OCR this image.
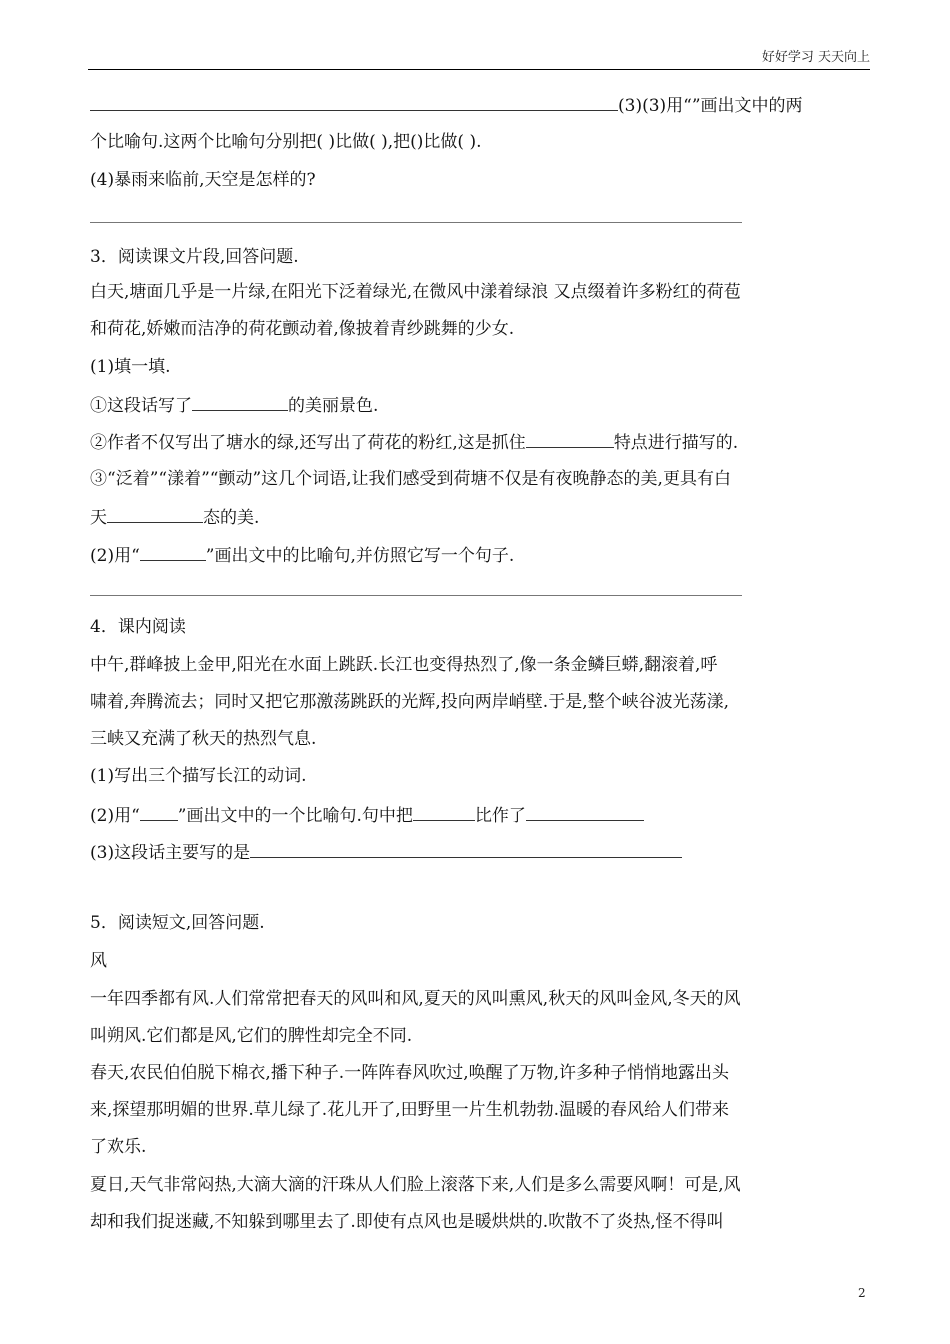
好好学习 天天向上
(3)(3)用“”画出文中的两
个比喻句.这两个比喻句分别把( )比做( ),把()比做( ).
(4)暴雨来临前,天空是怎样的?
3．阅读课文片段,回答问题.
白天,塘面几乎是一片绿,在阳光下泛着绿光,在微风中漾着绿浪 又点缀着许多粉红的荷苞
和荷花,娇嫩而洁净的荷花颤动着,像披着青纱跳舞的少女.
(1)填一填.
①这段话写了	的美丽景色.
②作者不仅写出了塘水的绿,还写出了荷花的粉红,这是抓住	特点进行描写的.
③“泛着”“漾着”“颤动”这几个词语,让我们感受到荷塘不仅是有夜晚静态的美,更具有白
天	态的美.
(2)用“	”画出文中的比喻句,并仿照它写一个句子.
4．课内阅读
中午,群峰披上金甲,阳光在水面上跳跃.长江也变得热烈了,像一条金鳞巨蟒,翻滚着,呼
啸着,奔腾流去；同时又把它那激荡跳跃的光辉,投向两岸峭壁.于是,整个峡谷波光荡漾,
三峡又充满了秋天的热烈气息.
(1)写出三个描写长江的动词.
(2)用“ ”画出文中的一个比喻句.句中把	比作了
(3)这段话主要写的是
5．阅读短文,回答问题.
风
一年四季都有风.人们常常把春天的风叫和风,夏天的风叫熏风,秋天的风叫金风,冬天的风
叫朔风.它们都是风,它们的脾性却完全不同.
春天,农民伯伯脱下棉衣,播下种子.一阵阵春风吹过,唤醒了万物,许多种子悄悄地露出头
来,探望那明媚的世界.草儿绿了.花儿开了,田野里一片生机勃勃.温暖的春风给人们带来
了欢乐.
夏日,天气非常闷热,大滴大滴的汗珠从人们脸上滚落下来,人们是多么需要风啊！可是,风
却和我们捉迷藏,不知躲到哪里去了.即使有点风也是暖烘烘的.吹散不了炎热,怪不得叫
2
